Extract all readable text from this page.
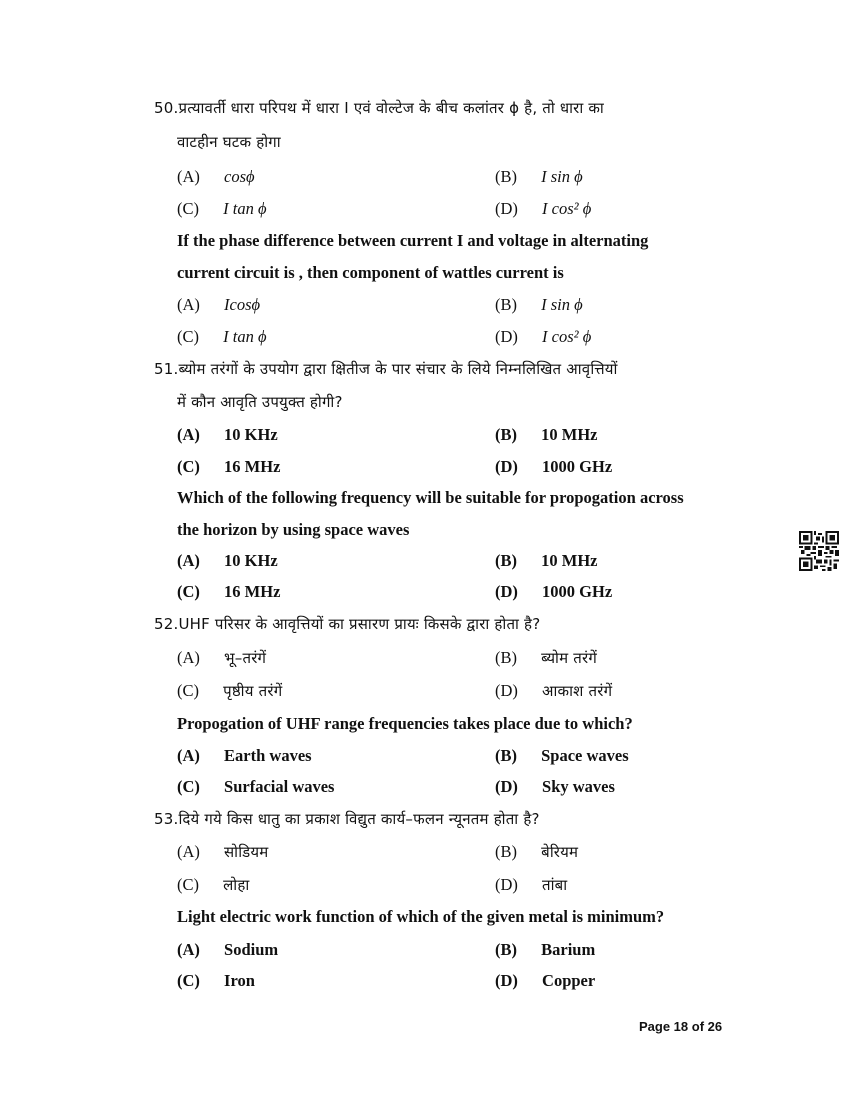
50.प्रत्यावर्ती धारा परिपथ में धारा I एवं वोल्टेज के बीच कलांतर ϕ है, तो धारा का
वाटहीन घटक होगा
(A) cosϕ	(B) I sin ϕ
(C) I tan ϕ	(D) I cos² ϕ
If the phase difference between current I and voltage in alternating
current circuit is , then component of wattles current is
(A) Icosϕ	(B) I sin ϕ
(C) I tan ϕ	(D) I cos² ϕ
51.ब्योम तरंगों के उपयोग द्वारा क्षितीज के पार संचार के लिये निम्नलिखित आवृत्तियों
में कौन आवृति उपयुक्त होगी?
(A) 10 KHz	(B) 10 MHz
(C) 16 MHz	(D) 1000 GHz
Which of the following frequency will be suitable for propogation across
the horizon by using space waves
(A) 10 KHz	(B) 10 MHz
(C) 16 MHz	(D) 1000 GHz
52.UHF परिसर के आवृत्तियों का प्रसारण प्रायः किसके द्वारा होता है?
(A) भू–तरंगें	(B) ब्योम तरंगें
(C) पृष्ठीय तरंगें	(D) आकाश तरंगें
Propogation of UHF range frequencies takes place due to which?
(A) Earth waves	(B) Space waves
(C) Surfacial waves	(D) Sky waves
53.दिये गये किस धातु का प्रकाश विद्युत कार्य–फलन न्यूनतम होता है?
(A) सोडियम	(B) बेरियम
(C) लोहा	(D) तांबा
Light electric work function of which of the given metal is minimum?
(A) Sodium	(B) Barium
(C) Iron	(D) Copper
Page 18 of 26
